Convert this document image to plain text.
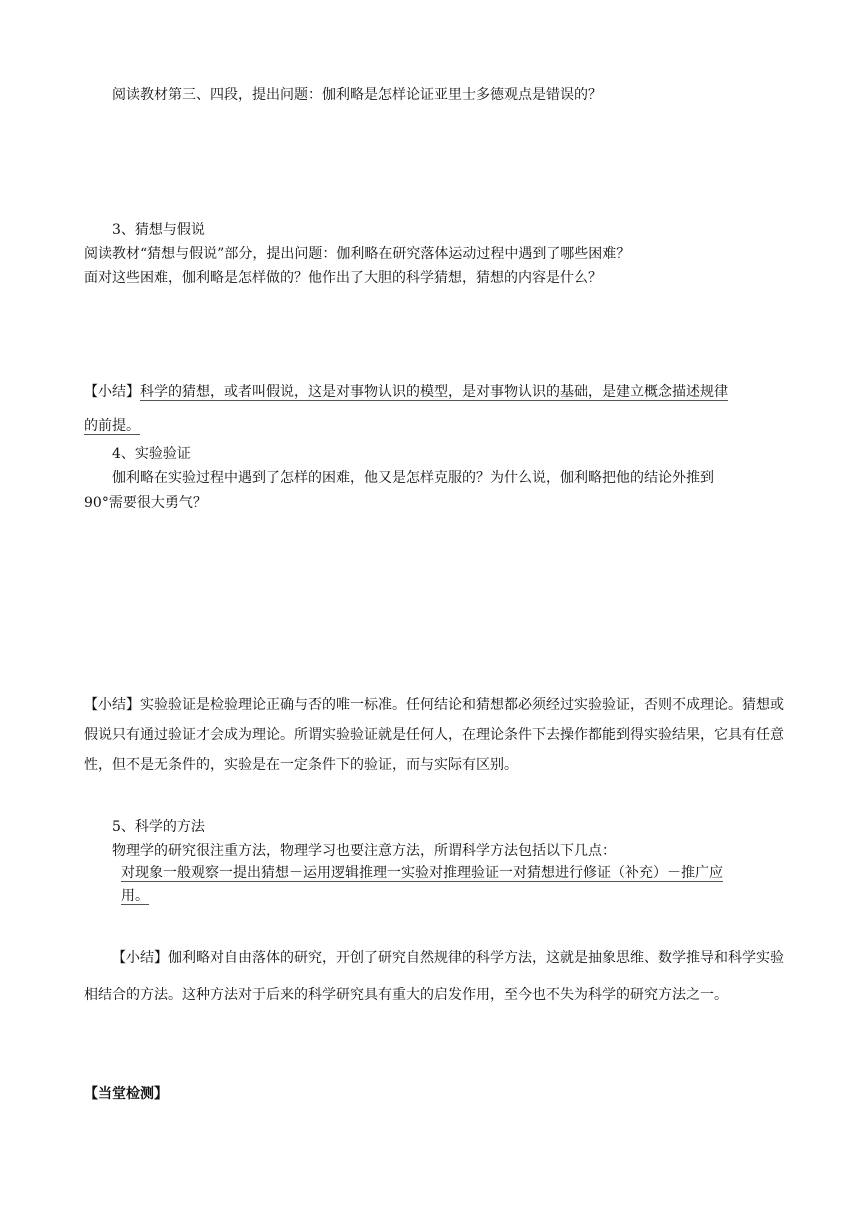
阅读教材第三、四段，提出问题：伽利略是怎样论证亚里士多德观点是错误的？
3、猜想与假说
阅读教材“猜想与假说”部分，提出问题：伽利略在研究落体运动过程中遇到了哪些困难？
面对这些困难，伽利略是怎样做的？他作出了大胆的科学猜想，猜想的内容是什么？
【小结】科学的猜想，或者叫假说，这是对事物认识的模型，是对事物认识的基础，是建立概念描述规律
的前提。
4、实验验证
伽利略在实验过程中遇到了怎样的困难，他又是怎样克服的？为什么说，伽利略把他的结论外推到
90°需要很大勇气？
【小结】实验验证是检验理论正确与否的唯一标准。任何结论和猜想都必须经过实验验证，否则不成理论。猜想或假说只有通过验证才会成为理论。所谓实验验证就是任何人，在理论条件下去操作都能到得实验结果，它具有任意性，但不是无条件的，实验是在一定条件下的验证，而与实际有区别。
5、科学的方法
物理学的研究很注重方法，物理学习也要注意方法，所谓科学方法包括以下几点：
对现象一般观察一提出猜想－运用逻辑推理一实验对推理验证一对猜想进行修证（补充）－推广应
用。
【小结】伽利略对自由落体的研究，开创了研究自然规律的科学方法，这就是抽象思维、数学推导和科学实验相结合的方法。这种方法对于后来的科学研究具有重大的启发作用，至今也不失为科学的研究方法之一。
【当堂检测】
